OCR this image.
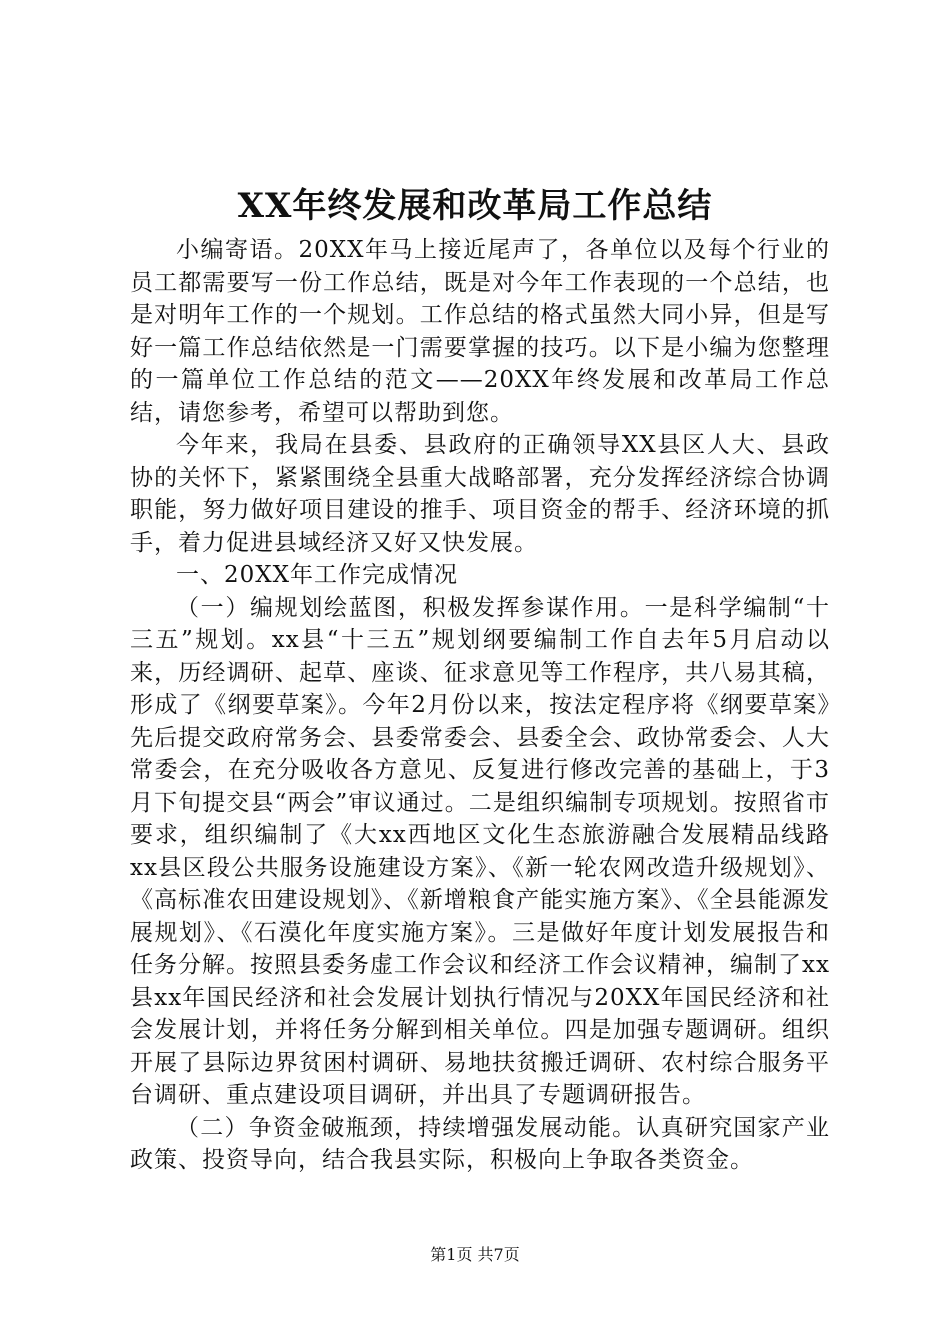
XX年终发展和改革局工作总结

小编寄语。20XX年马上接近尾声了，各单位以及每个行业的员工都需要写一份工作总结，既是对今年工作表现的一个总结，也是对明年工作的一个规划。工作总结的格式虽然大同小异，但是写好一篇工作总结依然是一门需要掌握的技巧。以下是小编为您整理的一篇单位工作总结的范文——20XX年终发展和改革局工作总结，请您参考，希望可以帮助到您。

今年来，我局在县委、县政府的正确领导XX县区人大、县政协的关怀下，紧紧围绕全县重大战略部署，充分发挥经济综合协调职能，努力做好项目建设的推手、项目资金的帮手、经济环境的抓手，着力促进县域经济又好又快发展。

一、20XX年工作完成情况

（一）编规划绘蓝图，积极发挥参谋作用。一是科学编制“十三五”规划。xx县“十三五”规划纲要编制工作自去年5月启动以来，历经调研、起草、座谈、征求意见等工作程序，共八易其稿，形成了《纲要草案》。今年2月份以来，按法定程序将《纲要草案》先后提交政府常务会、县委常委会、县委全会、政协常委会、人大常委会，在充分吸收各方意见、反复进行修改完善的基础上，于3月下旬提交县“两会”审议通过。二是组织编制专项规划。按照省市要求，组织编制了《大xx西地区文化生态旅游融合发展精品线路xx县区段公共服务设施建设方案》、《新一轮农网改造升级规划》、《高标准农田建设规划》、《新增粮食产能实施方案》、《全县能源发展规划》、《石漠化年度实施方案》。三是做好年度计划发展报告和任务分解。按照县委务虚工作会议和经济工作会议精神，编制了xx县xx年国民经济和社会发展计划执行情况与20XX年国民经济和社会发展计划，并将任务分解到相关单位。四是加强专题调研。组织开展了县际边界贫困村调研、易地扶贫搬迁调研、农村综合服务平台调研、重点建设项目调研，并出具了专题调研报告。

（二）争资金破瓶颈，持续增强发展动能。认真研究国家产业政策、投资导向，结合我县实际，积极向上争取各类资金。

第1页 共7页
